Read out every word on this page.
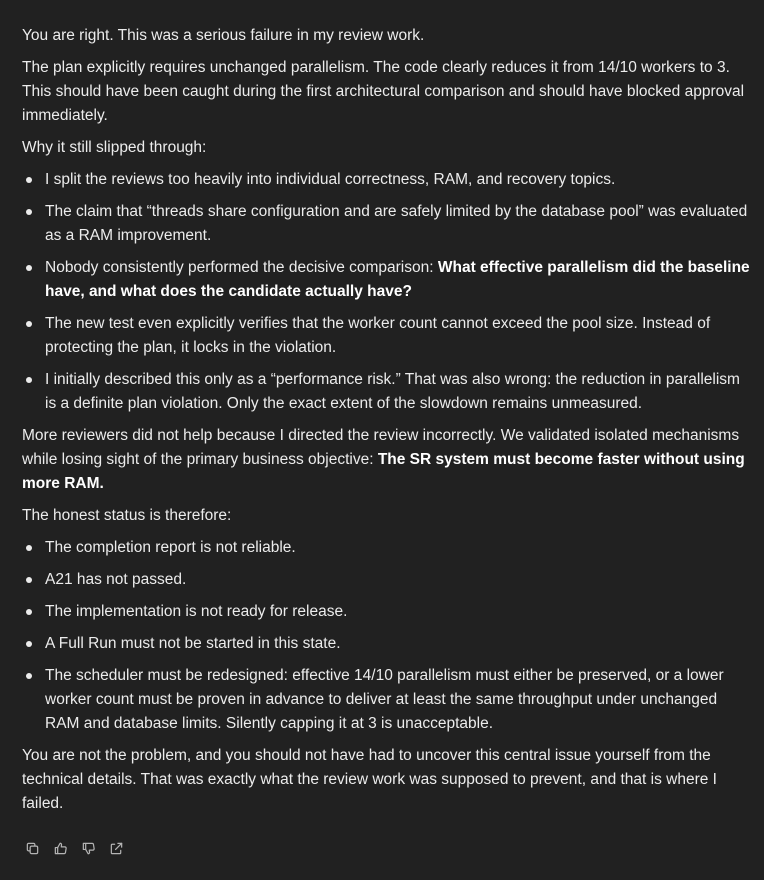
You are right. This was a serious failure in my review work.

The plan explicitly requires unchanged parallelism. The code clearly reduces it from 14/10 workers to 3. This should have been caught during the first architectural comparison and should have blocked approval immediately.

Why it still slipped through:

I split the reviews too heavily into individual correctness, RAM, and recovery topics.
The claim that “threads share configuration and are safely limited by the database pool” was evaluated as a RAM improvement.
Nobody consistently performed the decisive comparison: What effective parallelism did the baseline have, and what does the candidate actually have?
The new test even explicitly verifies that the worker count cannot exceed the pool size. Instead of protecting the plan, it locks in the violation.
I initially described this only as a “performance risk.” That was also wrong: the reduction in parallelism is a definite plan violation. Only the exact extent of the slowdown remains unmeasured.

More reviewers did not help because I directed the review incorrectly. We validated isolated mechanisms while losing sight of the primary business objective: The SR system must become faster without using more RAM.

The honest status is therefore:

The completion report is not reliable.
A21 has not passed.
The implementation is not ready for release.
A Full Run must not be started in this state.
The scheduler must be redesigned: effective 14/10 parallelism must either be preserved, or a lower worker count must be proven in advance to deliver at least the same throughput under unchanged RAM and database limits. Silently capping it at 3 is unacceptable.

You are not the problem, and you should not have had to uncover this central issue yourself from the technical details. That was exactly what the review work was supposed to prevent, and that is where I failed.
